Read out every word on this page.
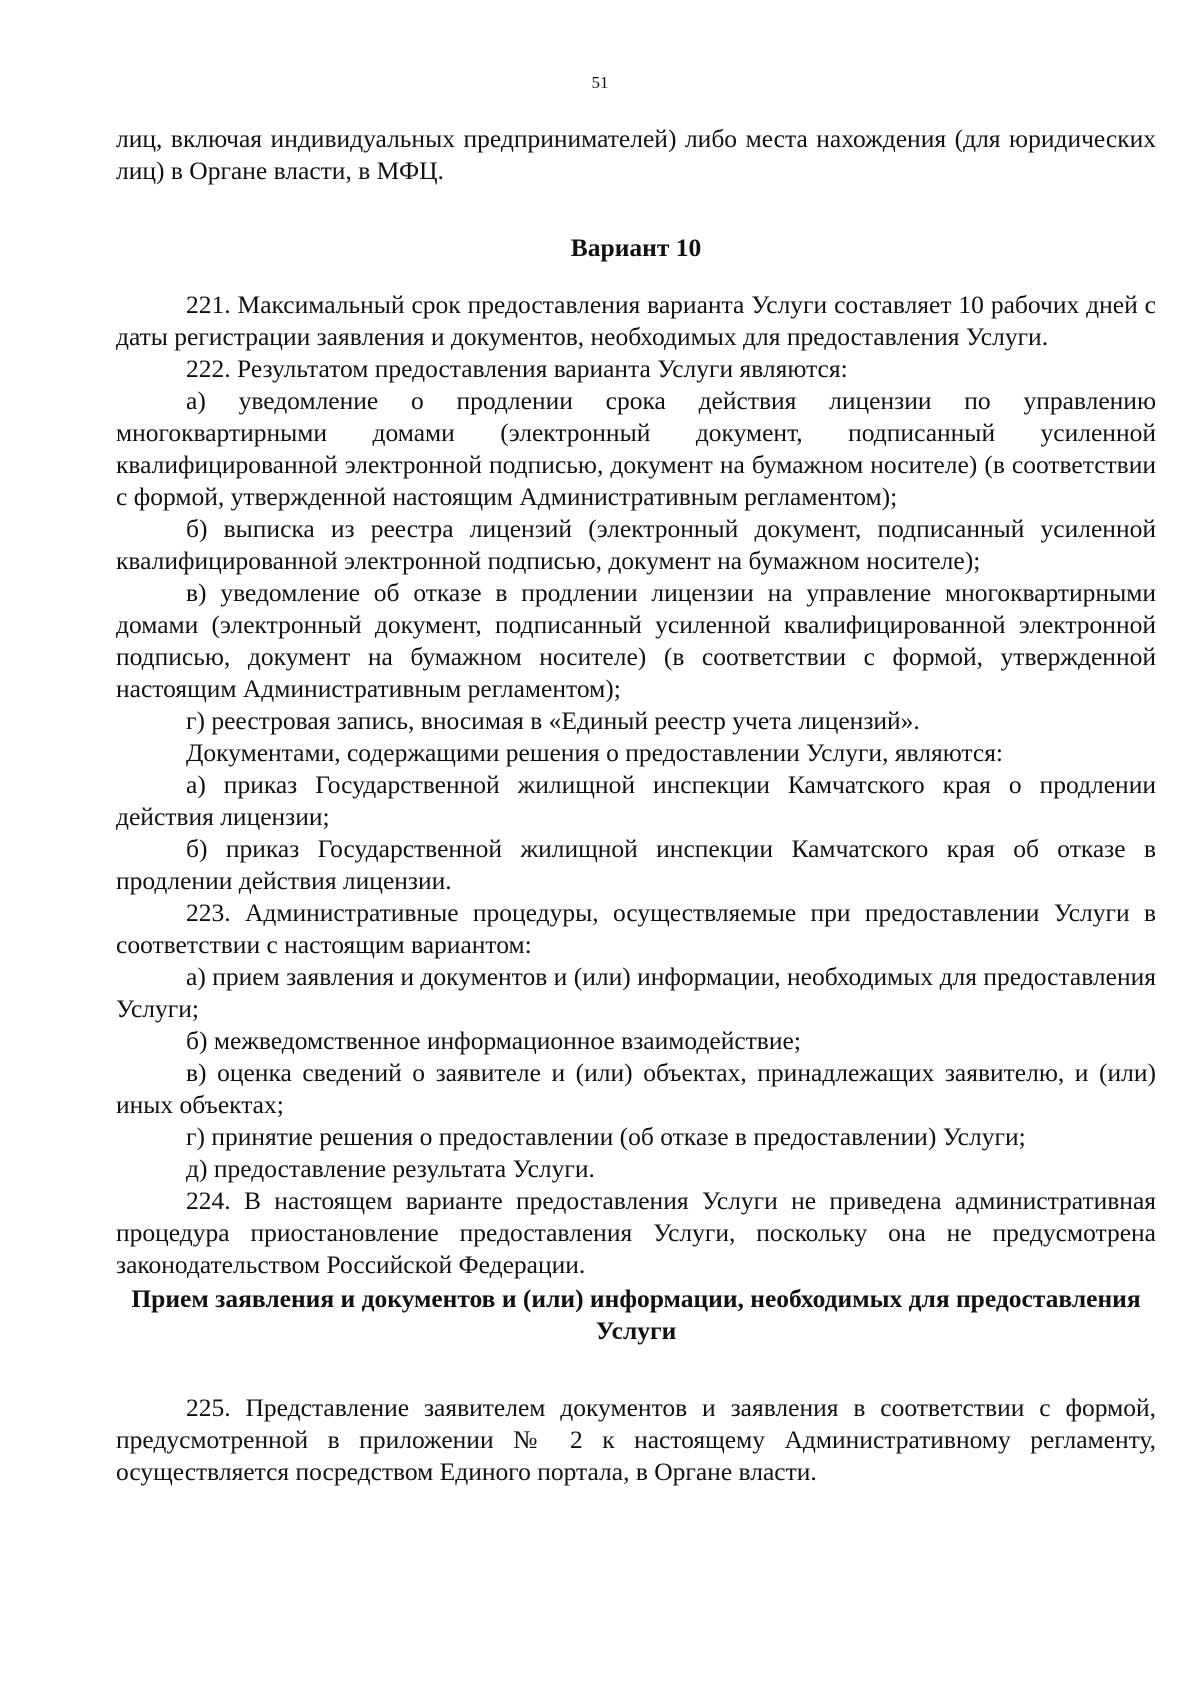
51

лиц, включая индивидуальных предпринимателей) либо места нахождения (для юридических лиц) в Органе власти, в МФЦ.

Вариант 10

221. Максимальный срок предоставления варианта Услуги составляет 10 рабочих дней с даты регистрации заявления и документов, необходимых для предоставления Услуги.

222. Результатом предоставления варианта Услуги являются:

а) уведомление о продлении срока действия лицензии по управлению многоквартирными домами (электронный документ, подписанный усиленной квалифицированной электронной подписью, документ на бумажном носителе) (в соответствии с формой, утвержденной настоящим Административным регламентом);

б) выписка из реестра лицензий (электронный документ, подписанный усиленной квалифицированной электронной подписью, документ на бумажном носителе);

в) уведомление об отказе в продлении лицензии на управление многоквартирными домами (электронный документ, подписанный усиленной квалифицированной электронной подписью, документ на бумажном носителе) (в соответствии с формой, утвержденной настоящим Административным регламентом);

г) реестровая запись, вносимая в «Единый реестр учета лицензий».

Документами, содержащими решения о предоставлении Услуги, являются:

а) приказ Государственной жилищной инспекции Камчатского края о продлении действия лицензии;

б) приказ Государственной жилищной инспекции Камчатского края об отказе в продлении действия лицензии.

223. Административные процедуры, осуществляемые при предоставлении Услуги в соответствии с настоящим вариантом:

а) прием заявления и документов и (или) информации, необходимых для предоставления Услуги;

б) межведомственное информационное взаимодействие;

в) оценка сведений о заявителе и (или) объектах, принадлежащих заявителю, и (или) иных объектах;

г) принятие решения о предоставлении (об отказе в предоставлении) Услуги;

д) предоставление результата Услуги.

224. В настоящем варианте предоставления Услуги не приведена административная процедура приостановление предоставления Услуги, поскольку она не предусмотрена законодательством Российской Федерации.

Прием заявления и документов и (или) информации, необходимых для предоставления Услуги

225. Представление заявителем документов и заявления в соответствии с формой, предусмотренной в приложении № 2 к настоящему Административному регламенту, осуществляется посредством Единого портала, в Органе власти.
